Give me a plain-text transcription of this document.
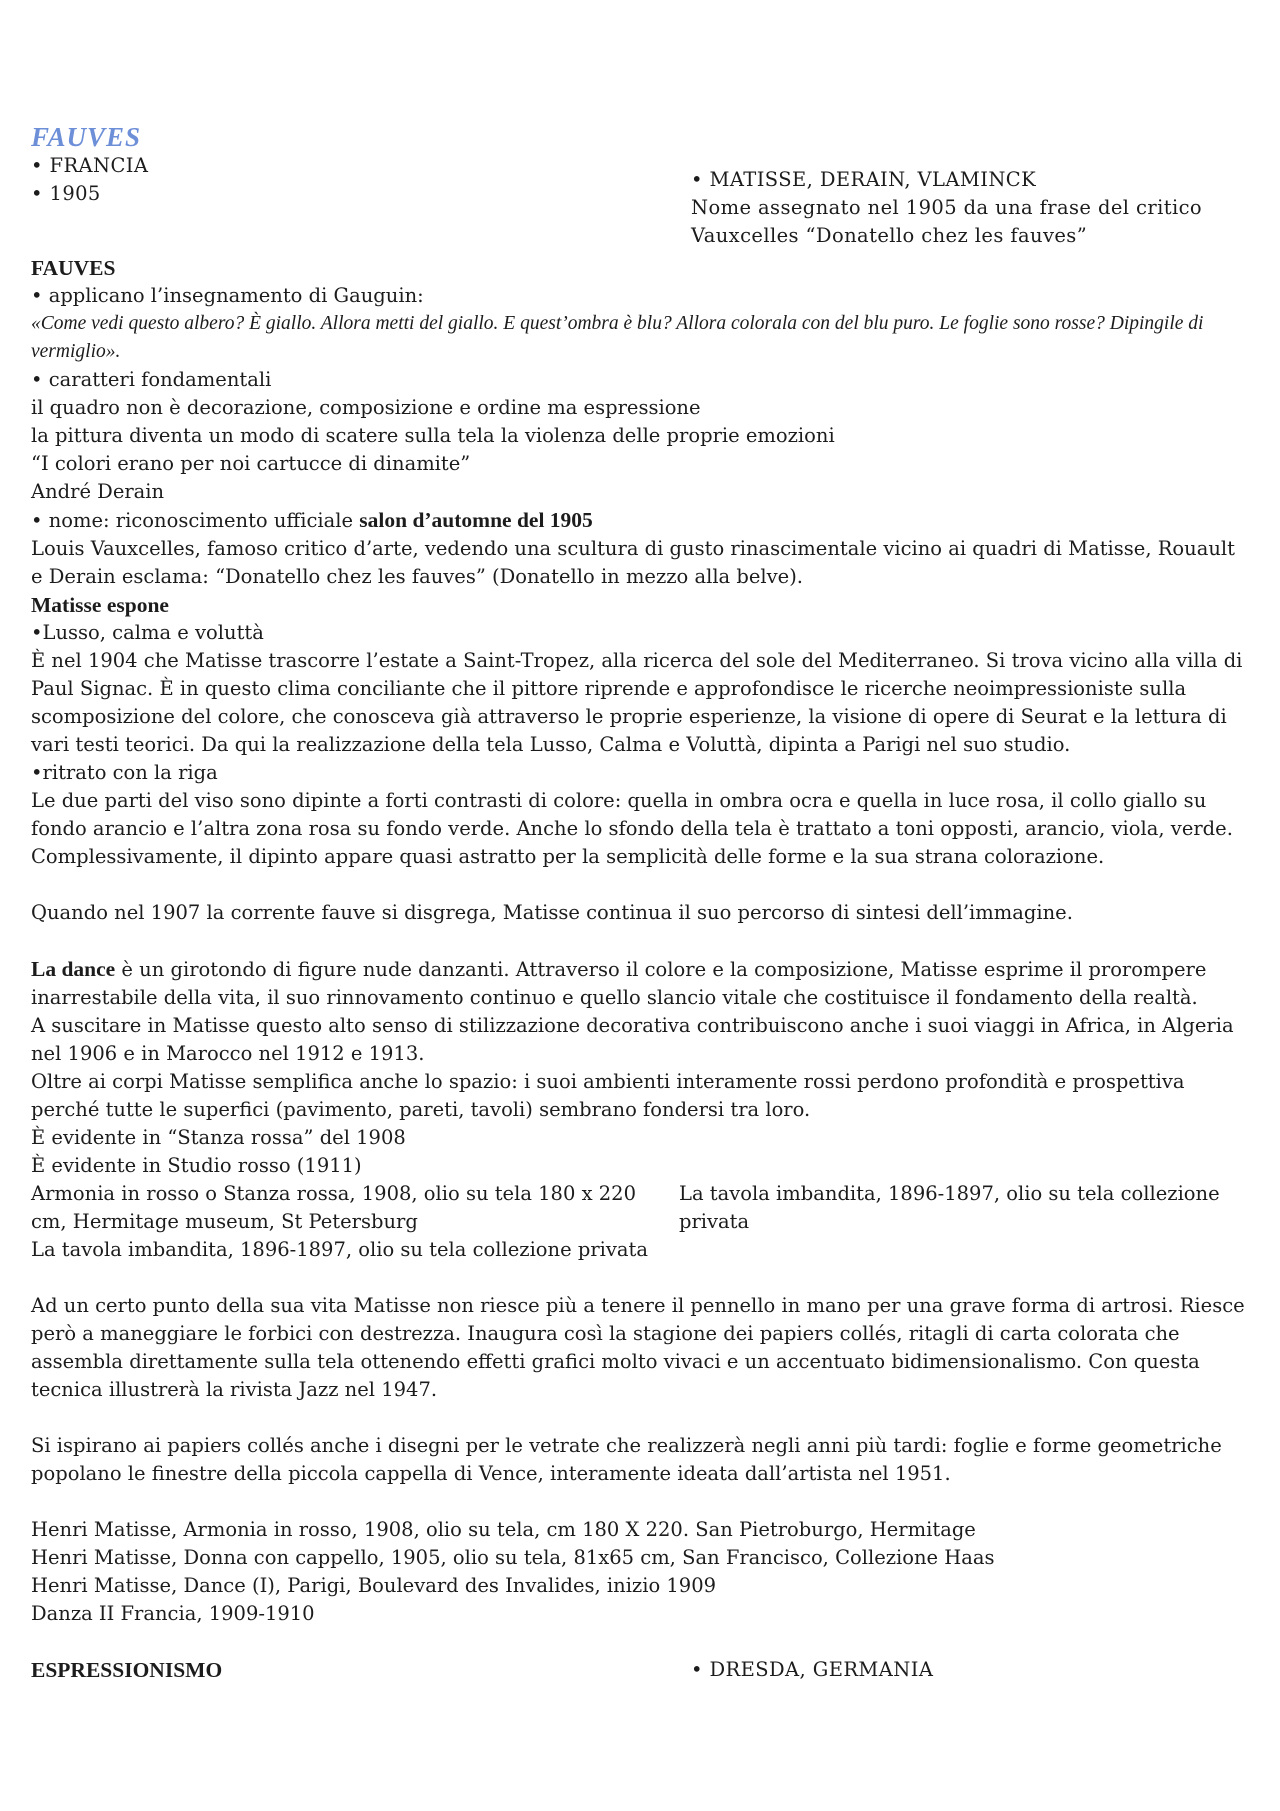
FAUVES
• FRANCIA
• 1905
• MATISSE, DERAIN, VLAMINCK
Nome assegnato nel 1905 da una frase del critico
Vauxcelles “Donatello chez les fauves”
FAUVES
• applicano l’insegnamento di Gauguin:
«Come vedi questo albero? È giallo. Allora metti del giallo. E quest’ombra è blu? Allora colorala con del blu puro. Le foglie sono rosse? Dipingile di vermiglio».
• caratteri fondamentali
il quadro non è decorazione, composizione e ordine ma espressione
la pittura diventa un modo di scatere sulla tela la violenza delle proprie emozioni
“I colori erano per noi cartucce di dinamite”
André Derain
• nome: riconoscimento ufficiale salon d’automne del 1905
Louis Vauxcelles, famoso critico d’arte, vedendo una scultura di gusto rinascimentale vicino ai quadri di Matisse, Rouault e Derain esclama: “Donatello chez les fauves” (Donatello in mezzo alla belve).
Matisse espone
•Lusso, calma e voluttà
È nel 1904 che Matisse trascorre l’estate a Saint-Tropez, alla ricerca del sole del Mediterraneo. Si trova vicino alla villa di Paul Signac. È in questo clima conciliante che il pittore riprende e approfondisce le ricerche neoimpressioniste sulla scomposizione del colore, che conosceva già attraverso le proprie esperienze, la visione di opere di Seurat e la lettura di vari testi teorici. Da qui la realizzazione della tela Lusso, Calma e Voluttà, dipinta a Parigi nel suo studio.
•ritrato con la riga
Le due parti del viso sono dipinte a forti contrasti di colore: quella in ombra ocra e quella in luce rosa, il collo giallo su fondo arancio e l’altra zona rosa su fondo verde. Anche lo sfondo della tela è trattato a toni opposti, arancio, viola, verde. Complessivamente, il dipinto appare quasi astratto per la semplicità delle forme e la sua strana colorazione.
Quando nel 1907 la corrente fauve si disgrega, Matisse continua il suo percorso di sintesi dell’immagine.
La dance è un girotondo di figure nude danzanti. Attraverso il colore e la composizione, Matisse esprime il prorompere inarrestabile della vita, il suo rinnovamento continuo e quello slancio vitale che costituisce il fondamento della realtà.
A suscitare in Matisse questo alto senso di stilizzazione decorativa contribuiscono anche i suoi viaggi in Africa, in Algeria nel 1906 e in Marocco nel 1912 e 1913.
Oltre ai corpi Matisse semplifica anche lo spazio: i suoi ambienti interamente rossi perdono profondità e prospettiva perché tutte le superfici (pavimento, pareti, tavoli) sembrano fondersi tra loro.
È evidente in “Stanza rossa” del 1908
È evidente in Studio rosso (1911)
Armonia in rosso o Stanza rossa, 1908, olio su tela 180 x 220 cm, Hermitage museum, St Petersburg
La tavola imbandita, 1896-1897, olio su tela collezione privata
La tavola imbandita, 1896-1897, olio su tela collezione privata
Ad un certo punto della sua vita Matisse non riesce più a tenere il pennello in mano per una grave forma di artrosi. Riesce però a maneggiare le forbici con destrezza. Inaugura così la stagione dei papiers collés, ritagli di carta colorata che assembla direttamente sulla tela ottenendo effetti grafici molto vivaci e un accentuato bidimensionalismo. Con questa tecnica illustrerà la rivista Jazz nel 1947.
Si ispirano ai papiers collés anche i disegni per le vetrate che realizzerà negli anni più tardi: foglie e forme geometriche popolano le finestre della piccola cappella di Vence, interamente ideata dall’artista nel 1951.
Henri Matisse, Armonia in rosso, 1908, olio su tela, cm 180 X 220. San Pietroburgo, Hermitage
Henri Matisse, Donna con cappello, 1905, olio su tela, 81x65 cm, San Francisco, Collezione Haas
Henri Matisse, Dance (I), Parigi, Boulevard des Invalides, inizio 1909
Danza II Francia, 1909-1910
ESPRESSIONISMO	• DRESDA, GERMANIA
